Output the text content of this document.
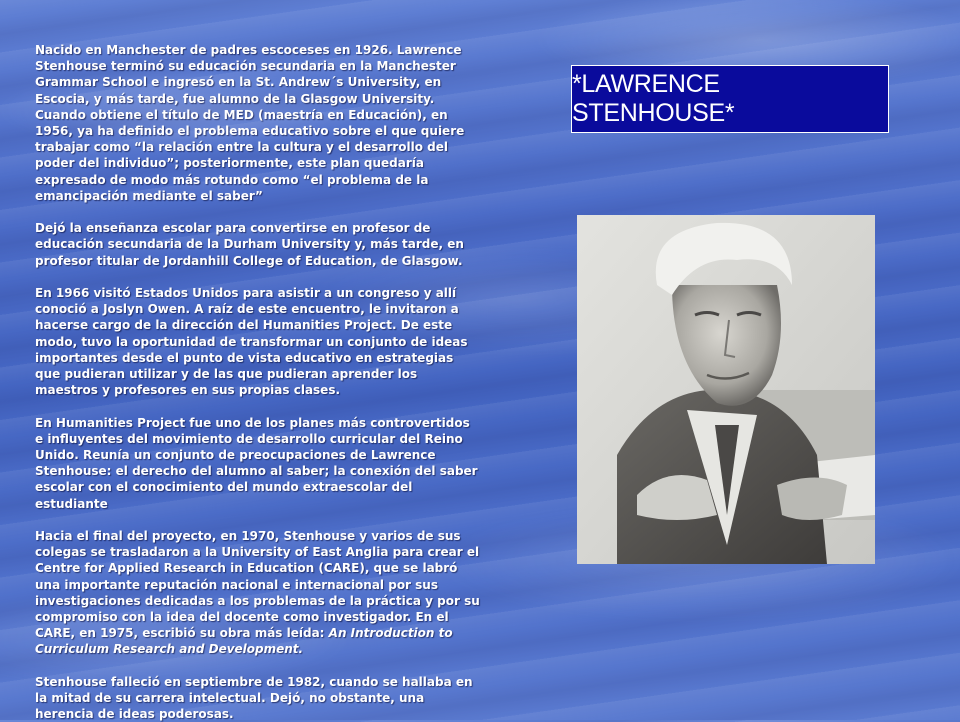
Nacido en Manchester de padres escoceses en 1926. Lawrence Stenhouse terminó su educación secundaria en la Manchester Grammar School e ingresó en la St. Andrew´s University, en Escocia, y más tarde, fue alumno de la Glasgow University. Cuando obtiene el título de MED (maestría en Educación), en 1956, ya ha definido el problema educativo sobre el que quiere trabajar como “la relación entre la cultura y el desarrollo del poder del individuo”; posteriormente, este plan quedaría expresado de modo más rotundo como “el problema de la emancipación mediante el saber”

Dejó la enseñanza escolar para convertirse en profesor de educación secundaria de la Durham University y, más tarde, en profesor titular de Jordanhill College of Education, de Glasgow.

En 1966 visitó Estados Unidos para asistir a un congreso y allí conoció a Joslyn Owen. A raíz de este encuentro, le invitaron a hacerse cargo de la dirección del Humanities Project. De este modo, tuvo la oportunidad de transformar un conjunto de ideas importantes desde el punto de vista educativo en estrategias que pudieran utilizar y de las que pudieran aprender los maestros y profesores en sus propias clases.

En Humanities Project fue uno de los planes más controvertidos e influyentes del movimiento de desarrollo curricular del Reino Unido. Reunía un conjunto de preocupaciones de Lawrence Stenhouse: el derecho del alumno al saber; la conexión del saber escolar con el conocimiento del mundo extraescolar del estudiante

Hacia el final del proyecto, en 1970, Stenhouse y varios de sus colegas se trasladaron a la University of East Anglia para crear el Centre for Applied Research in Education (CARE), que se labró una importante reputación nacional e internacional por sus investigaciones dedicadas a los problemas de la práctica y por su compromiso con la idea del docente como investigador. En el CARE, en 1975, escribió su obra más leída: An Introduction to Curriculum Research and Development.

Stenhouse falleció en septiembre de 1982, cuando se hallaba en la mitad de su carrera intelectual. Dejó, no obstante, una herencia de ideas poderosas.

*LAWRENCE STENHOUSE*
